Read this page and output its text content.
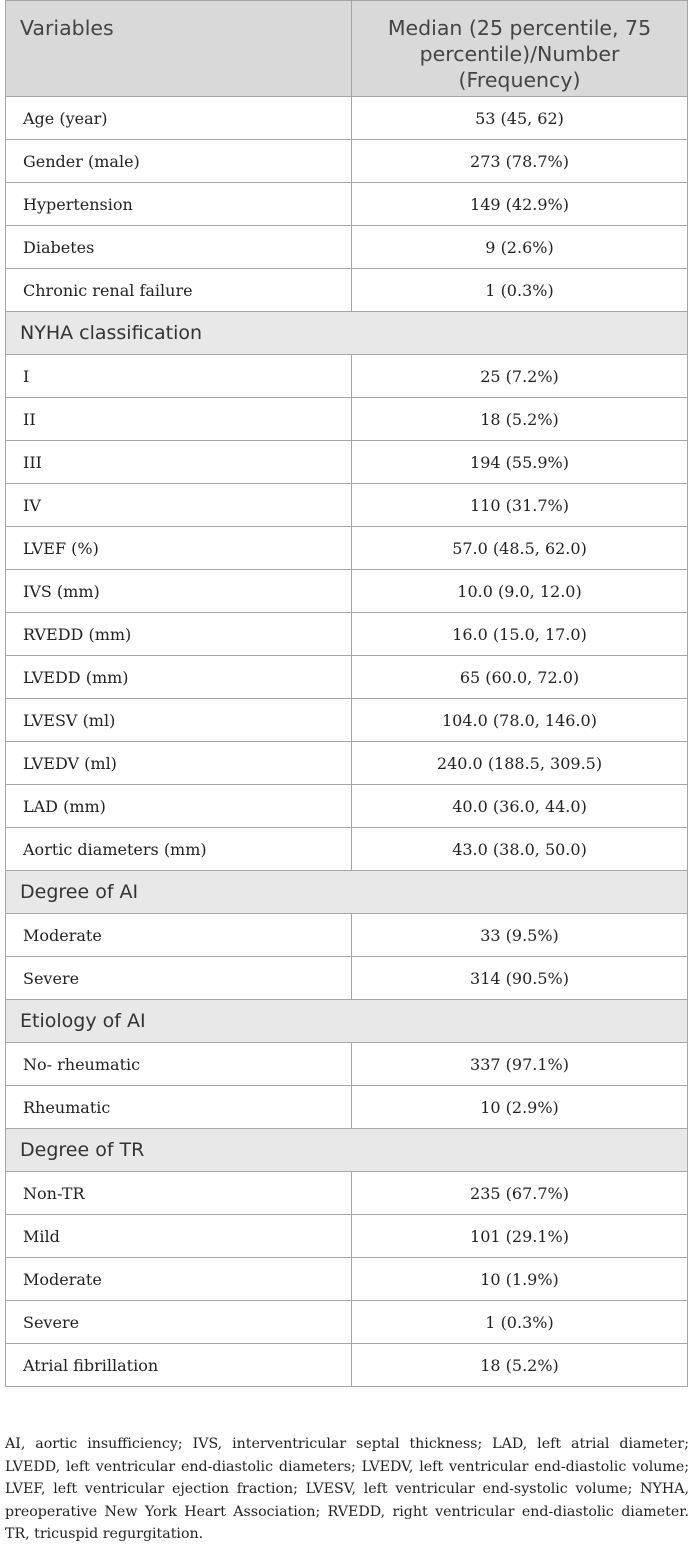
Variables	Median (25 percentile, 75 percentile)/Number (Frequency)
Age (year)	53 (45, 62)
Gender (male)	273 (78.7%)
Hypertension	149 (42.9%)
Diabetes	9 (2.6%)
Chronic renal failure	1 (0.3%)
NYHA classification	
I	25 (7.2%)
II	18 (5.2%)
III	194 (55.9%)
IV	110 (31.7%)
LVEF (%)	57.0 (48.5, 62.0)
IVS (mm)	10.0 (9.0, 12.0)
RVEDD (mm)	16.0 (15.0, 17.0)
LVEDD (mm)	65 (60.0, 72.0)
LVESV (ml)	104.0 (78.0, 146.0)
LVEDV (ml)	240.0 (188.5, 309.5)
LAD (mm)	40.0 (36.0, 44.0)
Aortic diameters (mm)	43.0 (38.0, 50.0)
Degree of AI	
Moderate	33 (9.5%)
Severe	314 (90.5%)
Etiology of AI	
No- rheumatic	337 (97.1%)
Rheumatic	10 (2.9%)
Degree of TR	
Non-TR	235 (67.7%)
Mild	101 (29.1%)
Moderate	10 (1.9%)
Severe	1 (0.3%)
Atrial fibrillation	18 (5.2%)
AI, aortic insufficiency; IVS, interventricular septal thickness; LAD, left atrial diameter; LVEDD, left ventricular end-diastolic diameters; LVEDV, left ventricular end-diastolic volume; LVEF, left ventricular ejection fraction; LVESV, left ventricular end-systolic volume; NYHA, preoperative New York Heart Association; RVEDD, right ventricular end-diastolic diameter. TR, tricuspid regurgitation.
